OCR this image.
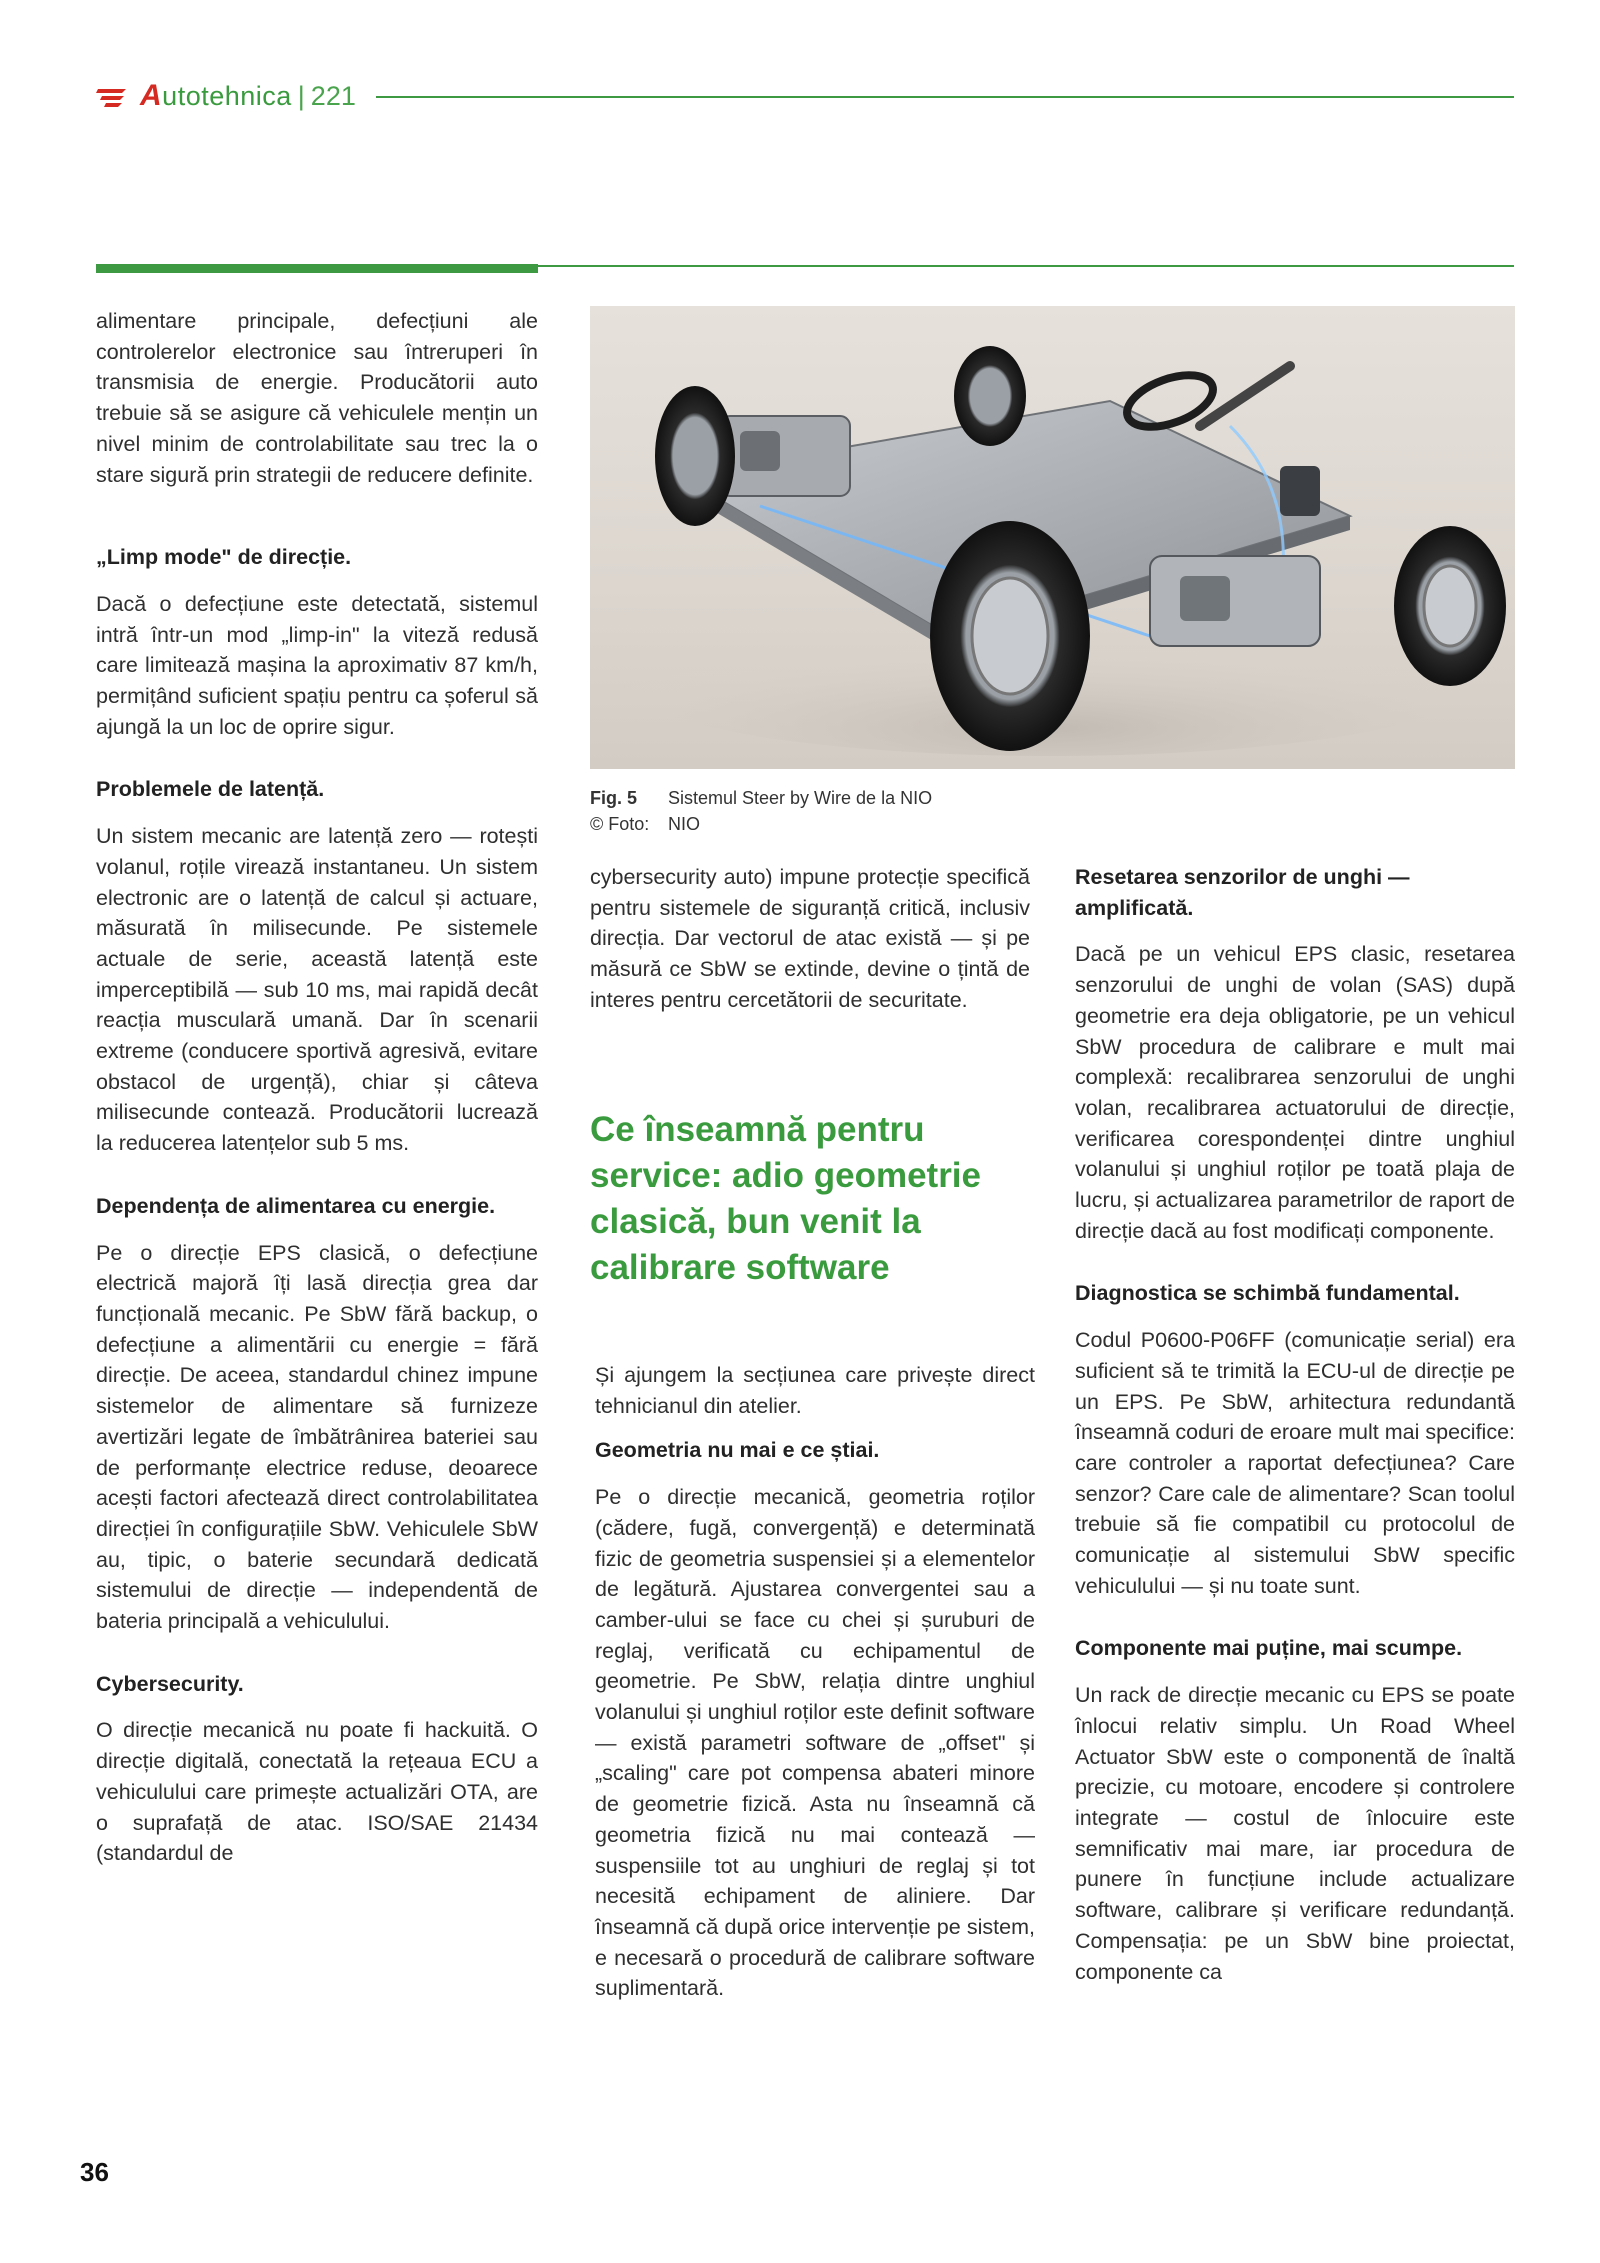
Autotehnica | 221

alimentare principale, defecțiuni ale controlerelor electronice sau întreruperi în transmisia de energie. Producătorii auto trebuie să se asigure că vehiculele mențin un nivel minim de controlabilitate sau trec la o stare sigură prin strategii de reducere definite.

„Limp mode" de direcție.

Dacă o defecțiune este detectată, sistemul intră într-un mod „limp-in" la viteză redusă care limitează mașina la aproximativ 87 km/h, permițând suficient spațiu pentru ca șoferul să ajungă la un loc de oprire sigur.

Problemele de latență.

Un sistem mecanic are latență zero — rotești volanul, roțile virează instantaneu. Un sistem electronic are o latență de calcul și actuare, măsurată în milisecunde. Pe sistemele actuale de serie, această latență este imperceptibilă — sub 10 ms, mai rapidă decât reacția musculară umană. Dar în scenarii extreme (conducere sportivă agresivă, evitare obstacol de urgență), chiar și câteva milisecunde contează. Producătorii lucrează la reducerea latențelor sub 5 ms.

Dependența de alimentarea cu energie.

Pe o direcție EPS clasică, o defecțiune electrică majoră îți lasă direcția grea dar funcțională mecanic. Pe SbW fără backup, o defecțiune a alimentării cu energie = fără direcție. De aceea, standardul chinez impune sistemelor de alimentare să furnizeze avertizări legate de îmbătrânirea bateriei sau de performanțe electrice reduse, deoarece acești factori afectează direct controlabilitatea direcției în configurațiile SbW. Vehiculele SbW au, tipic, o baterie secundară dedicată sistemului de direcție — independentă de bateria principală a vehiculului.

Cybersecurity.

O direcție mecanică nu poate fi hackuită. O direcție digitală, conectată la rețeaua ECU a vehiculului care primește actualizări OTA, are o suprafață de atac. ISO/SAE 21434 (standardul de

Fig. 5 Sistemul Steer by Wire de la NIO
© Foto: NIO

cybersecurity auto) impune protecție specifică pentru sistemele de siguranță critică, inclusiv direcția. Dar vectorul de atac există — și pe măsură ce SbW se extinde, devine o țintă de interes pentru cercetătorii de securitate.

Ce înseamnă pentru service: adio geometrie clasică, bun venit la calibrare software

Și ajungem la secțiunea care privește direct tehnicianul din atelier.

Geometria nu mai e ce știai.

Pe o direcție mecanică, geometria roților (cădere, fugă, convergență) e determinată fizic de geometria suspensiei și a elementelor de legătură. Ajustarea convergentei sau a camber-ului se face cu chei și șuruburi de reglaj, verificată cu echipamentul de geometrie. Pe SbW, relația dintre unghiul volanului și unghiul roților este definit software — există parametri software de „offset" și „scaling" care pot compensa abateri minore de geometrie fizică. Asta nu înseamnă că geometria fizică nu mai contează — suspensiile tot au unghiuri de reglaj și tot necesită echipament de aliniere. Dar înseamnă că după orice intervenție pe sistem, e necesară o procedură de calibrare software suplimentară.

Resetarea senzorilor de unghi — amplificată.

Dacă pe un vehicul EPS clasic, resetarea senzorului de unghi de volan (SAS) după geometrie era deja obligatorie, pe un vehicul SbW procedura de calibrare e mult mai complexă: recalibrarea senzorului de unghi volan, recalibrarea actuatorului de direcție, verificarea corespondenței dintre unghiul volanului și unghiul roților pe toată plaja de lucru, și actualizarea parametrilor de raport de direcție dacă au fost modificați componente.

Diagnostica se schimbă fundamental.

Codul P0600-P06FF (comunicație serial) era suficient să te trimită la ECU-ul de direcție pe un EPS. Pe SbW, arhitectura redundantă înseamnă coduri de eroare mult mai specifice: care controler a raportat defecțiunea? Care senzor? Care cale de alimentare? Scan toolul trebuie să fie compatibil cu protocolul de comunicație al sistemului SbW specific vehiculului — și nu toate sunt.

Componente mai puține, mai scumpe.

Un rack de direcție mecanic cu EPS se poate înlocui relativ simplu. Un Road Wheel Actuator SbW este o componentă de înaltă precizie, cu motoare, encodere și controlere integrate — costul de înlocuire este semnificativ mai mare, iar procedura de punere în funcțiune include actualizare software, calibrare și verificare redundanță. Compensația: pe un SbW bine proiectat, componente ca

36
